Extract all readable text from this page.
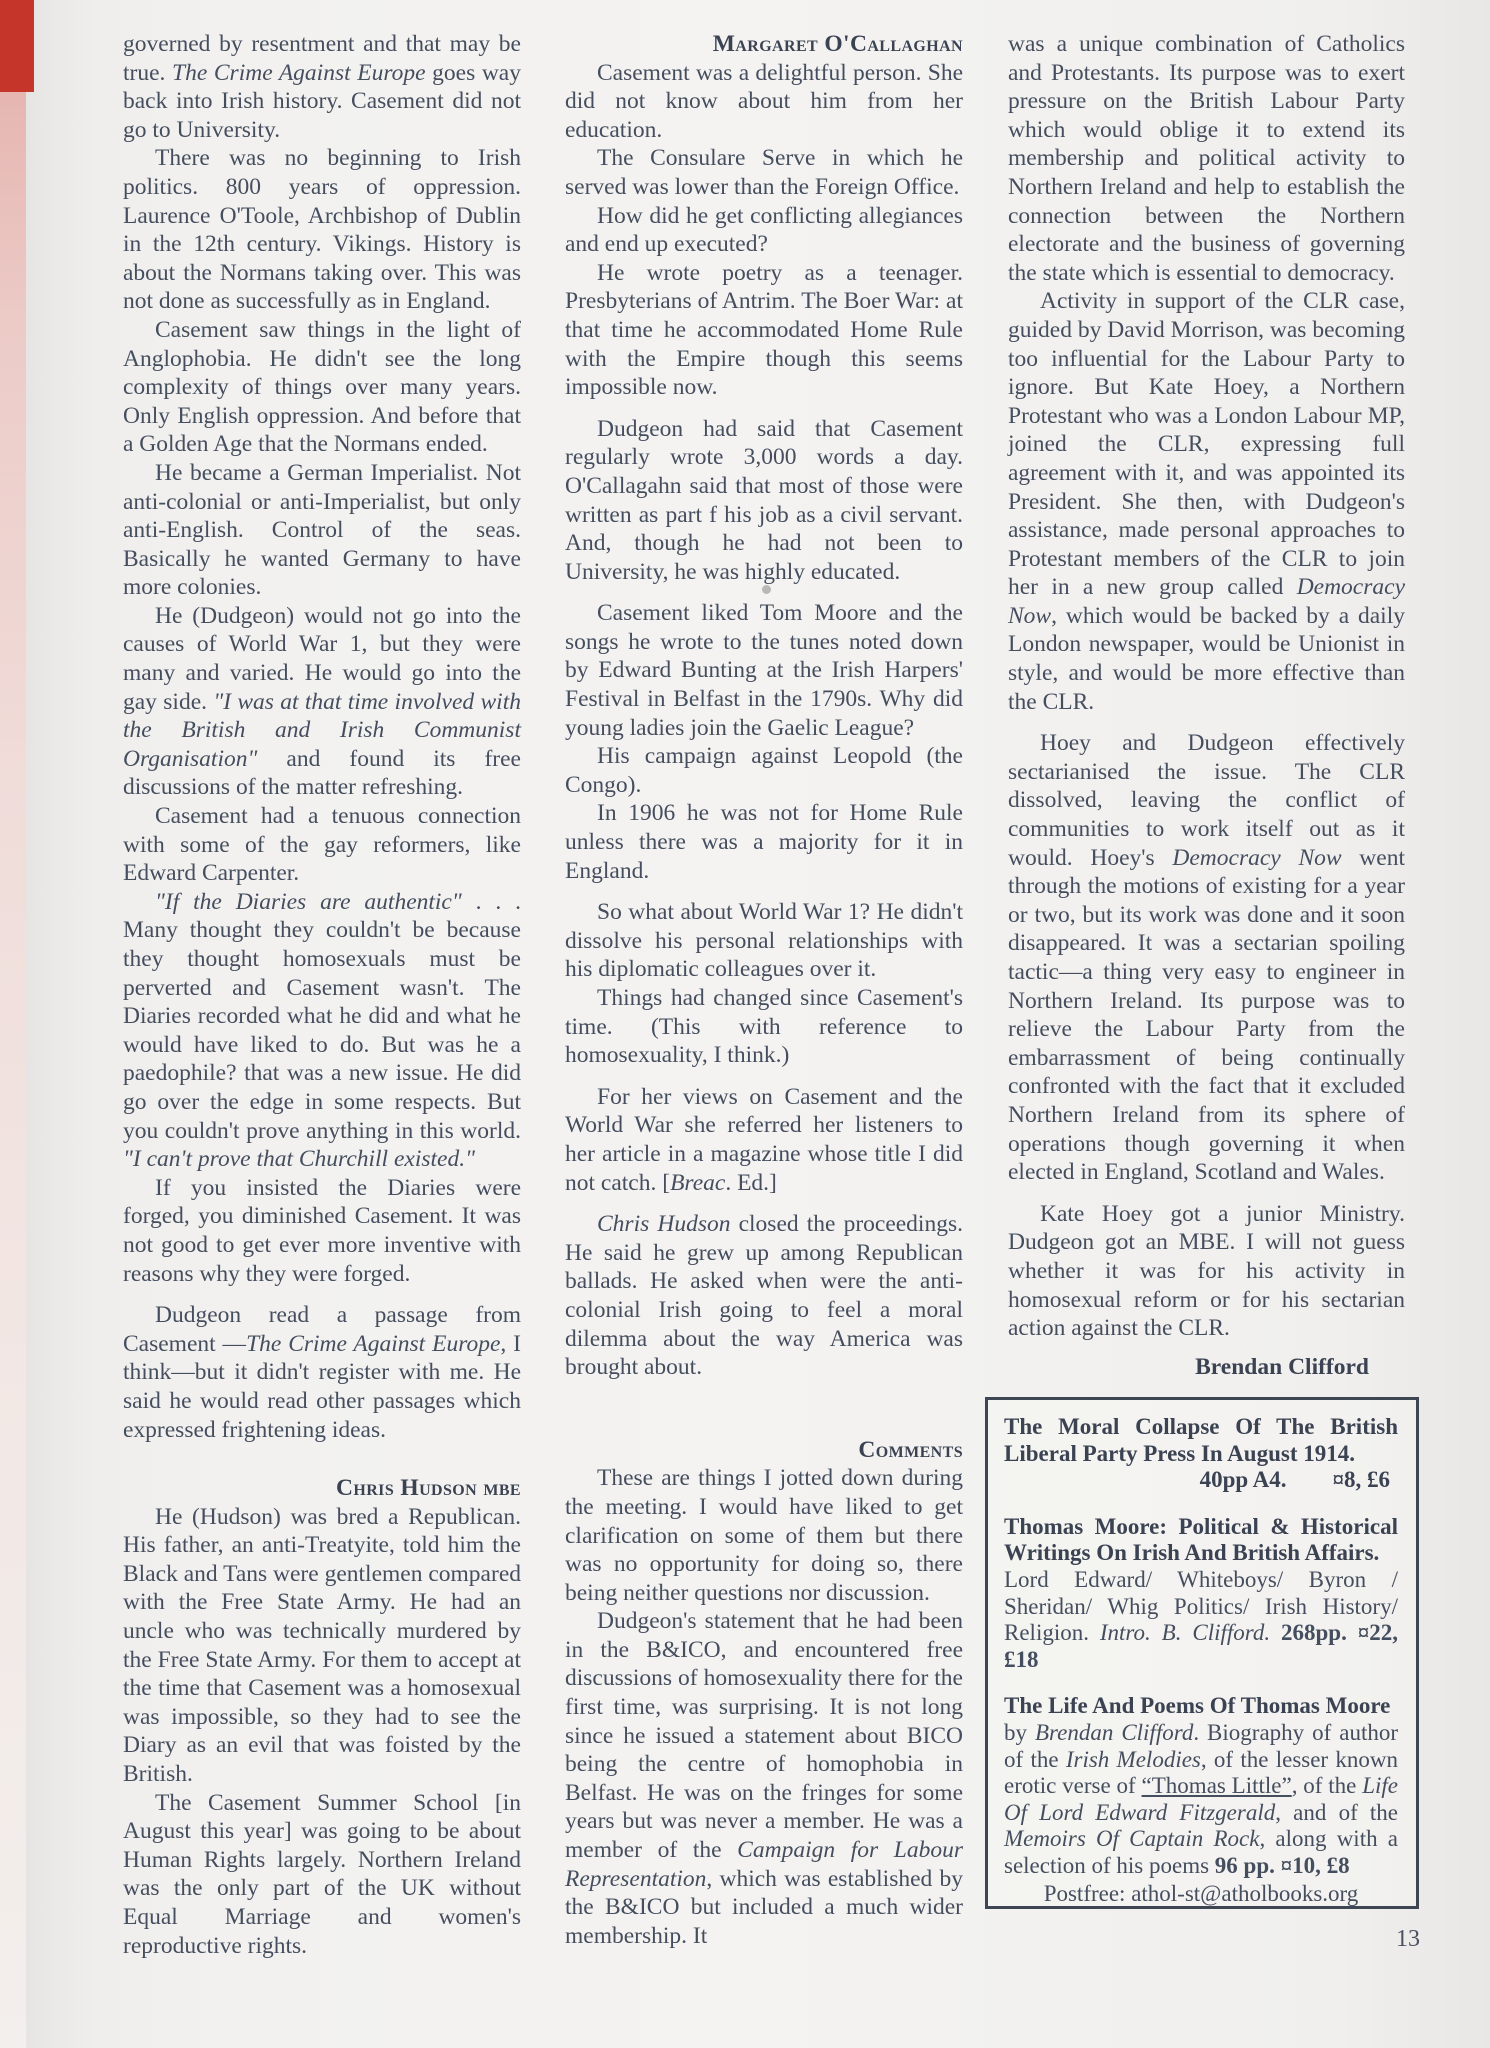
governed by resentment and that may be true. The Crime Against Europe goes way back into Irish history. Casement did not go to University.
There was no beginning to Irish politics. 800 years of oppression. Laurence O'Toole, Archbishop of Dublin in the 12th century. Vikings. History is about the Normans taking over. This was not done as successfully as in England.
Casement saw things in the light of Anglophobia. He didn't see the long complexity of things over many years. Only English oppression. And before that a Golden Age that the Normans ended.
He became a German Imperialist. Not anti-colonial or anti-Imperialist, but only anti-English. Control of the seas. Basically he wanted Germany to have more colonies.
He (Dudgeon) would not go into the causes of World War 1, but they were many and varied. He would go into the gay side. "I was at that time involved with the British and Irish Communist Organisation" and found its free discussions of the matter refreshing.
Casement had a tenuous connection with some of the gay reformers, like Edward Carpenter.
"If the Diaries are authentic" . . . Many thought they couldn't be because they thought homosexuals must be perverted and Casement wasn't. The Diaries recorded what he did and what he would have liked to do. But was he a paedophile? that was a new issue. He did go over the edge in some respects. But you couldn't prove anything in this world. "I can't prove that Churchill existed."
If you insisted the Diaries were forged, you diminished Casement. It was not good to get ever more inventive with reasons why they were forged.
Dudgeon read a passage from Casement —The Crime Against Europe, I think—but it didn't register with me. He said he would read other passages which expressed frightening ideas.
Chris Hudson mbe
He (Hudson) was bred a Republican. His father, an anti-Treatyite, told him the Black and Tans were gentlemen compared with the Free State Army. He had an uncle who was technically murdered by the Free State Army. For them to accept at the time that Casement was a homosexual was impossible, so they had to see the Diary as an evil that was foisted by the British.
The Casement Summer School [in August this year] was going to be about Human Rights largely. Northern Ireland was the only part of the UK without Equal Marriage and women's reproductive rights.
Margaret O'Callaghan
Casement was a delightful person. She did not know about him from her education.
The Consulare Serve in which he served was lower than the Foreign Office.
How did he get conflicting allegiances and end up executed?
He wrote poetry as a teenager. Presbyterians of Antrim. The Boer War: at that time he accommodated Home Rule with the Empire though this seems impossible now.
Dudgeon had said that Casement regularly wrote 3,000 words a day. O'Callagahn said that most of those were written as part f his job as a civil servant. And, though he had not been to University, he was highly educated.
Casement liked Tom Moore and the songs he wrote to the tunes noted down by Edward Bunting at the Irish Harpers' Festival in Belfast in the 1790s. Why did young ladies join the Gaelic League?
His campaign against Leopold (the Congo).
In 1906 he was not for Home Rule unless there was a majority for it in England.
So what about World War 1? He didn't dissolve his personal relationships with his diplomatic colleagues over it.
Things had changed since Casement's time. (This with reference to homosexuality, I think.)
For her views on Casement and the World War she referred her listeners to her article in a magazine whose title I did not catch. [Breac. Ed.]
Chris Hudson closed the proceedings. He said he grew up among Republican ballads. He asked when were the anti-colonial Irish going to feel a moral dilemma about the way America was brought about.
Comments
These are things I jotted down during the meeting. I would have liked to get clarification on some of them but there was no opportunity for doing so, there being neither questions nor discussion.
Dudgeon's statement that he had been in the B&ICO, and encountered free discussions of homosexuality there for the first time, was surprising. It is not long since he issued a statement about BICO being the centre of homophobia in Belfast. He was on the fringes for some years but was never a member. He was a member of the Campaign for Labour Representation, which was established by the B&ICO but included a much wider membership. It
was a unique combination of Catholics and Protestants. Its purpose was to exert pressure on the British Labour Party which would oblige it to extend its membership and political activity to Northern Ireland and help to establish the connection between the Northern electorate and the business of governing the state which is essential to democracy.
Activity in support of the CLR case, guided by David Morrison, was becoming too influential for the Labour Party to ignore. But Kate Hoey, a Northern Protestant who was a London Labour MP, joined the CLR, expressing full agreement with it, and was appointed its President. She then, with Dudgeon's assistance, made personal approaches to Protestant members of the CLR to join her in a new group called Democracy Now, which would be backed by a daily London newspaper, would be Unionist in style, and would be more effective than the CLR.
Hoey and Dudgeon effectively sectarianised the issue. The CLR dissolved, leaving the conflict of communities to work itself out as it would. Hoey's Democracy Now went through the motions of existing for a year or two, but its work was done and it soon disappeared. It was a sectarian spoiling tactic—a thing very easy to engineer in Northern Ireland. Its purpose was to relieve the Labour Party from the embarrassment of being continually confronted with the fact that it excluded Northern Ireland from its sphere of operations though governing it when elected in England, Scotland and Wales.
Kate Hoey got a junior Ministry. Dudgeon got an MBE. I will not guess whether it was for his activity in homosexual reform or for his sectarian action against the CLR.
Brendan Clifford
The Moral Collapse Of The British Liberal Party Press In August 1914.
40pp A4. ¤8, £6
Thomas Moore: Political & Historical Writings On Irish And British Affairs.
Lord Edward/ Whiteboys/ Byron / Sheridan/ Whig Politics/ Irish History/ Religion. Intro. B. Clifford. 268pp. ¤22, £18
The Life And Poems Of Thomas Moore
by Brendan Clifford. Biography of author of the Irish Melodies, of the lesser known erotic verse of “Thomas Little”, of the Life Of Lord Edward Fitzgerald, and of the Memoirs Of Captain Rock, along with a selection of his poems 96 pp. ¤10, £8
Postfree: athol-st@atholbooks.org
13
